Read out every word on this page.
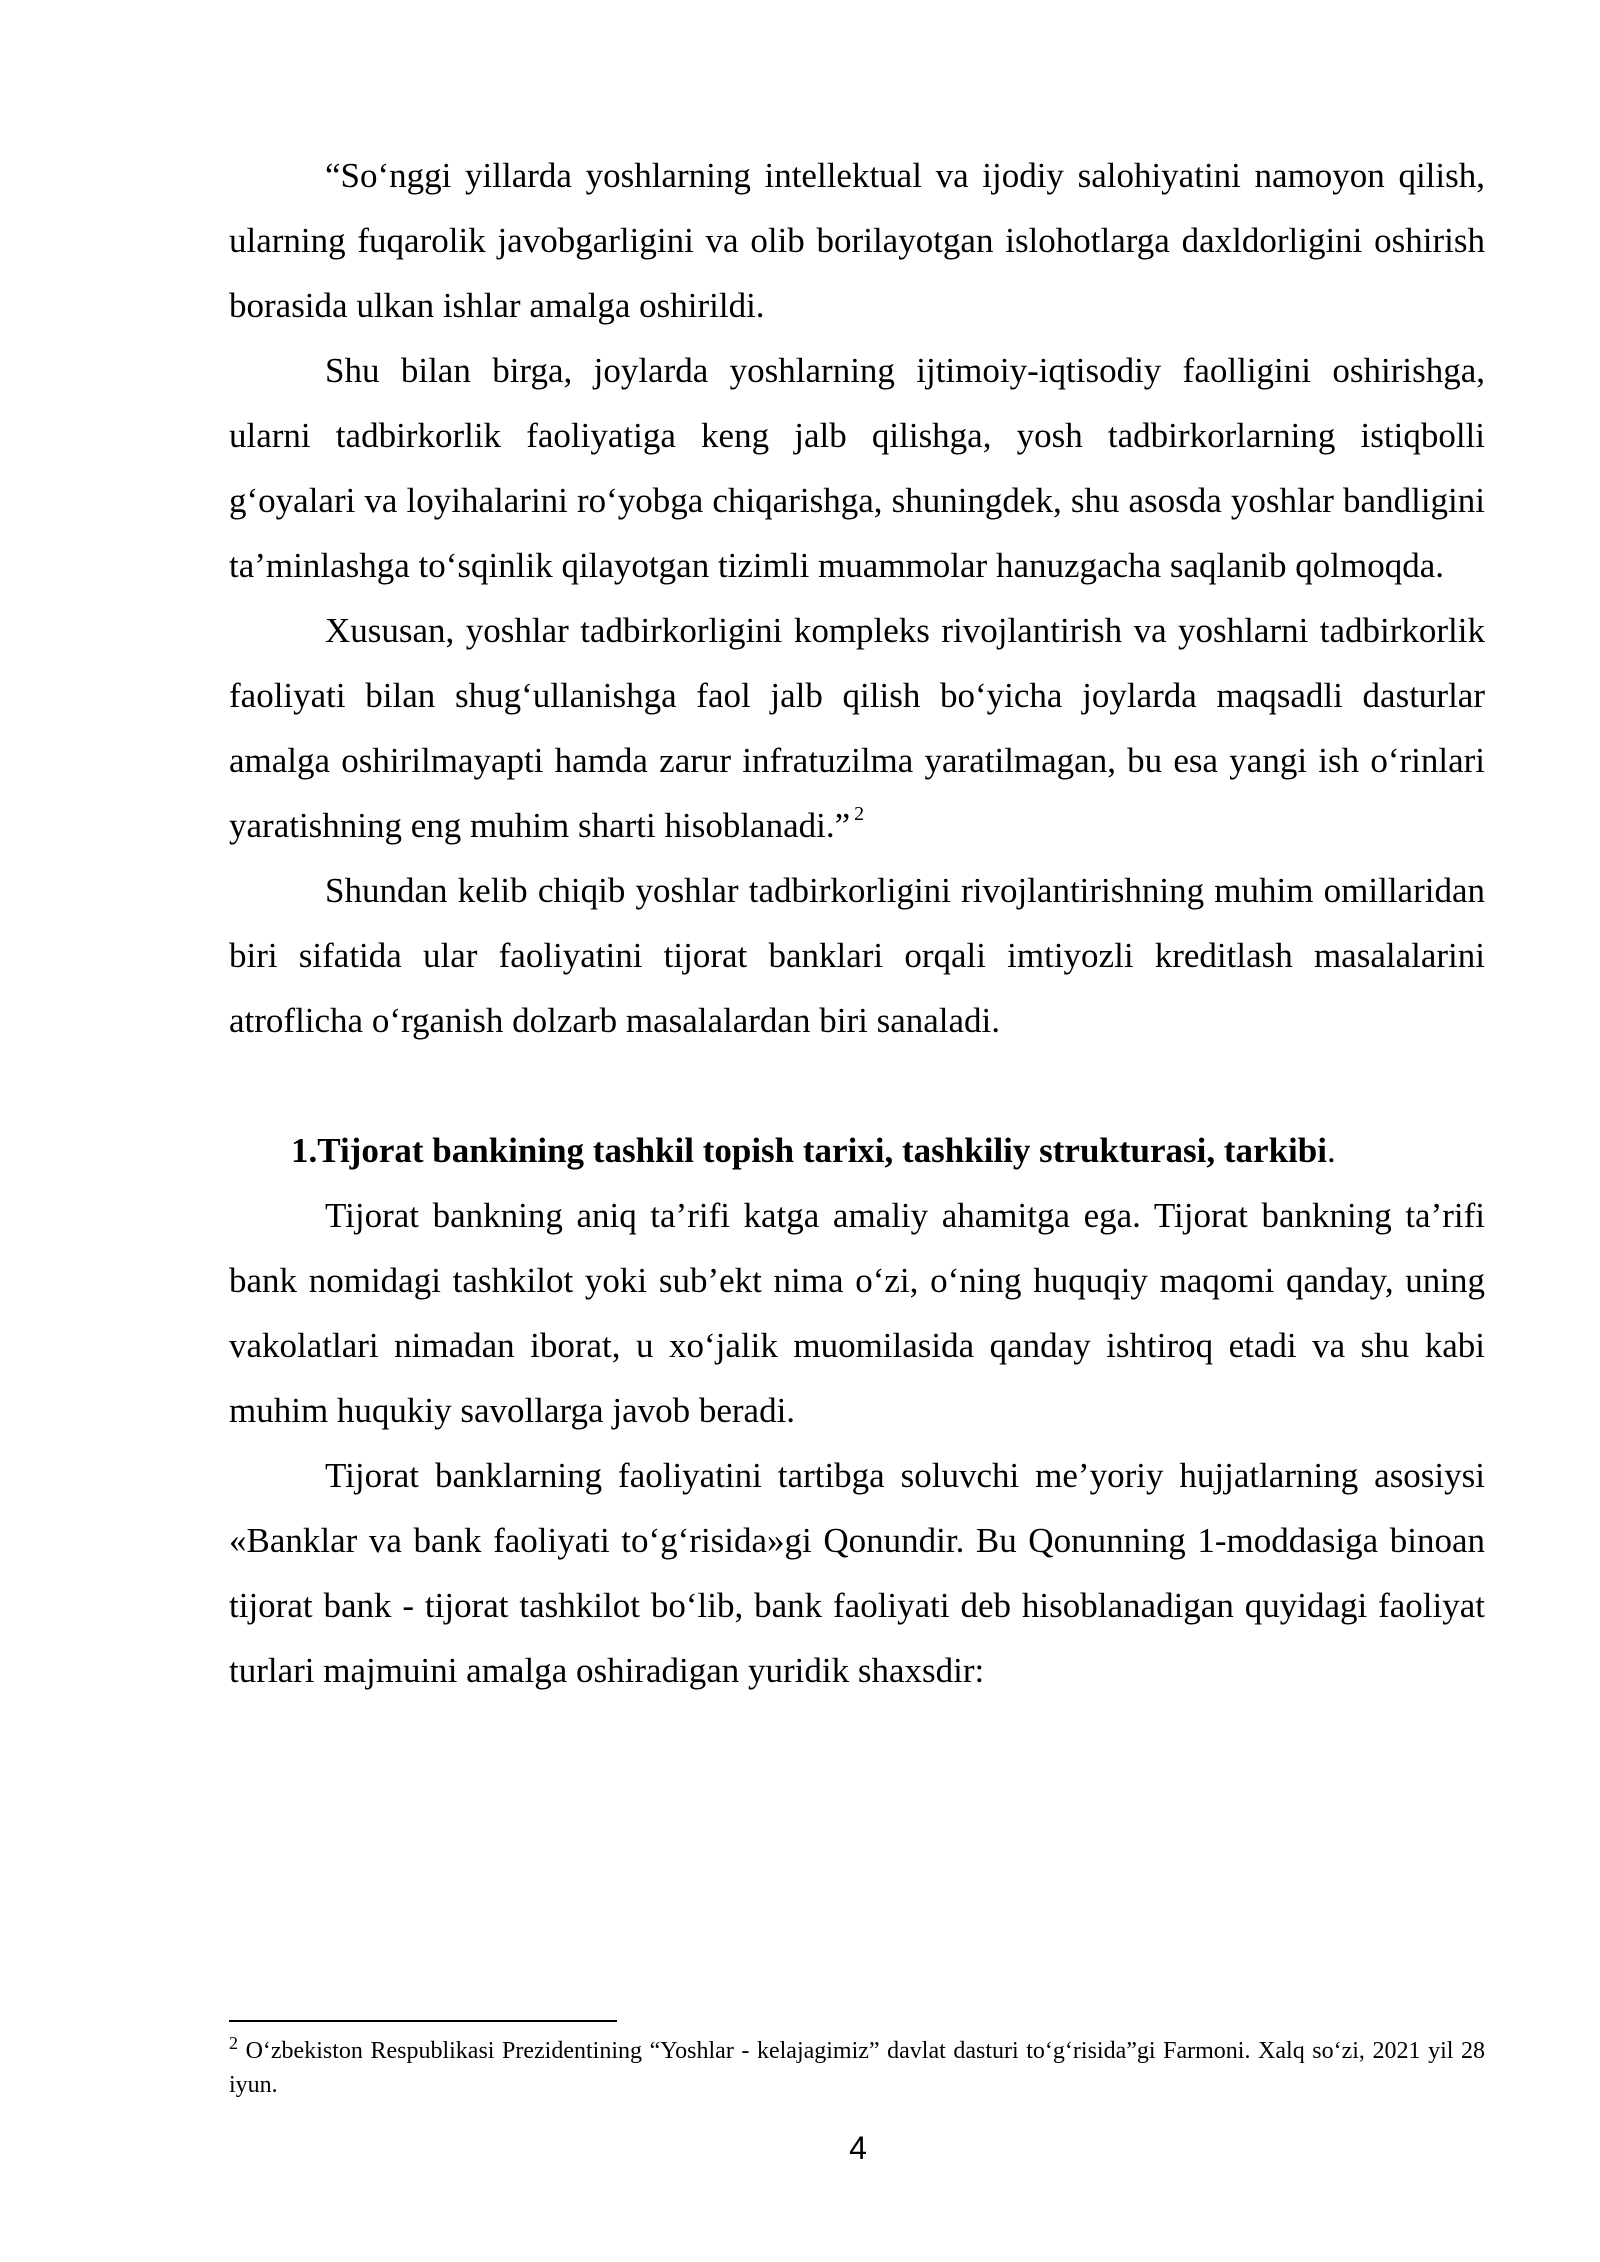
“So‘nggi yillarda yoshlarning intellektual va ijodiy salohiyatini namoyon qilish, ularning fuqarolik javobgarligini va olib borilayotgan islohotlarga daxldorligini oshirish borasida ulkan ishlar amalga oshirildi.

Shu bilan birga, joylarda yoshlarning ijtimoiy-iqtisodiy faolligini oshirishga, ularni tadbirkorlik faoliyatiga keng jalb qilishga, yosh tadbirkorlarning istiqbolli g‘oyalari va loyihalarini ro‘yobga chiqarishga, shuningdek, shu asosda yoshlar bandligini ta’minlashga to‘sqinlik qilayotgan tizimli muammolar hanuzgacha saqlanib qolmoqda.

Xususan, yoshlar tadbirkorligini kompleks rivojlantirish va yoshlarni tadbirkorlik faoliyati bilan shug‘ullanishga faol jalb qilish bo‘yicha joylarda maqsadli dasturlar amalga oshirilmayapti hamda zarur infratuzilma yaratilmagan, bu esa yangi ish o‘rinlari yaratishning eng muhim sharti hisoblanadi.” $^2$

Shundan kelib chiqib yoshlar tadbirkorligini rivojlantirishning muhim omillaridan biri sifatida ular faoliyatini tijorat banklari orqali imtiyozli kreditlash masalalarini atroflicha o‘rganish dolzarb masalalardan biri sanaladi.

1.Tijorat bankining tashkil topish tarixi, tashkiliy strukturasi, tarkibi.

Tijorat bankning aniq ta’rifi katga amaliy ahamitga ega. Tijorat bankning ta’rifi bank nomidagi tashkilot yoki sub’ekt nima o‘zi, o‘ning huquqiy maqomi qanday, uning vakolatlari nimadan iborat, u xo‘jalik muomilasida qanday ishtiroq etadi va shu kabi muhim huqukiy savollarga javob beradi.

Tijorat banklarning faoliyatini tartibga soluvchi me’yoriy hujjatlarning asosiysi «Banklar va bank faoliyati to‘g‘risida»gi Qonundir. Bu Qonunning 1-moddasiga binoan tijorat bank - tijorat tashkilot bo‘lib, bank faoliyati deb hisoblanadigan quyidagi faoliyat turlari majmuini amalga oshiradigan yuridik shaxsdir:

$^2$ O‘zbekiston Respublikasi Prezidentining “Yoshlar - kelajagimiz” davlat dasturi to‘g‘risida”gi Farmoni. Xalq so‘zi, 2021 yil 28 iyun.
4
